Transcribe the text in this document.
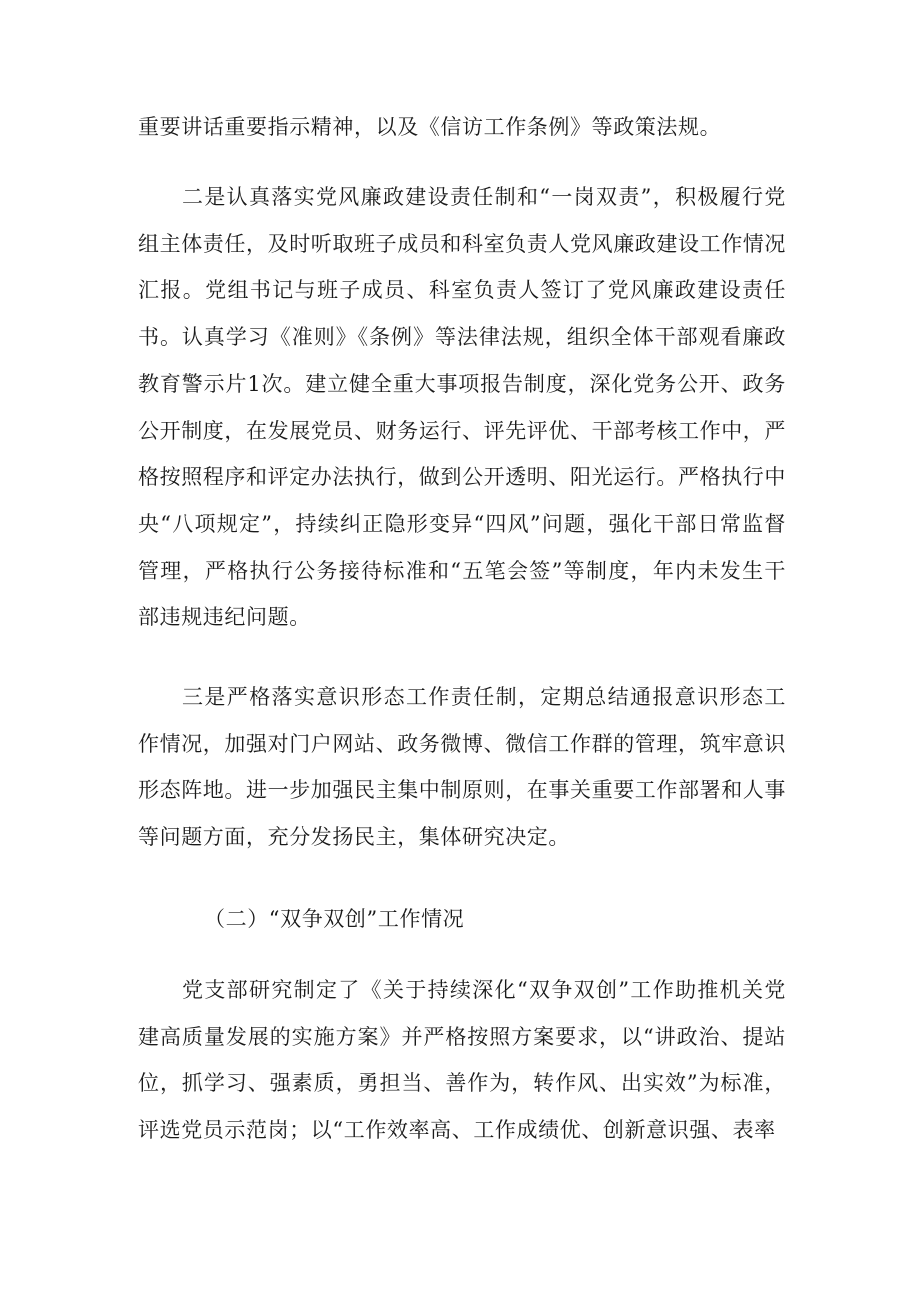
重要讲话重要指示精神，以及《信访工作条例》等政策法规。

二是认真落实党风廉政建设责任制和“一岗双责”，积极履行党组主体责任，及时听取班子成员和科室负责人党风廉政建设工作情况汇报。党组书记与班子成员、科室负责人签订了党风廉政建设责任书。认真学习《准则》《条例》等法律法规，组织全体干部观看廉政教育警示片1次。建立健全重大事项报告制度，深化党务公开、政务公开制度，在发展党员、财务运行、评先评优、干部考核工作中，严格按照程序和评定办法执行，做到公开透明、阳光运行。严格执行中央“八项规定”，持续纠正隐形变异“四风”问题，强化干部日常监督管理，严格执行公务接待标准和“五笔会签”等制度，年内未发生干部违规违纪问题。

三是严格落实意识形态工作责任制，定期总结通报意识形态工作情况，加强对门户网站、政务微博、微信工作群的管理，筑牢意识形态阵地。进一步加强民主集中制原则，在事关重要工作部署和人事等问题方面，充分发扬民主，集体研究决定。

（二）“双争双创”工作情况

党支部研究制定了《关于持续深化“双争双创”工作助推机关党建高质量发展的实施方案》并严格按照方案要求，以“讲政治、提站位，抓学习、强素质，勇担当、善作为，转作风、出实效”为标准，评选党员示范岗；以“工作效率高、工作成绩优、创新意识强、表率
